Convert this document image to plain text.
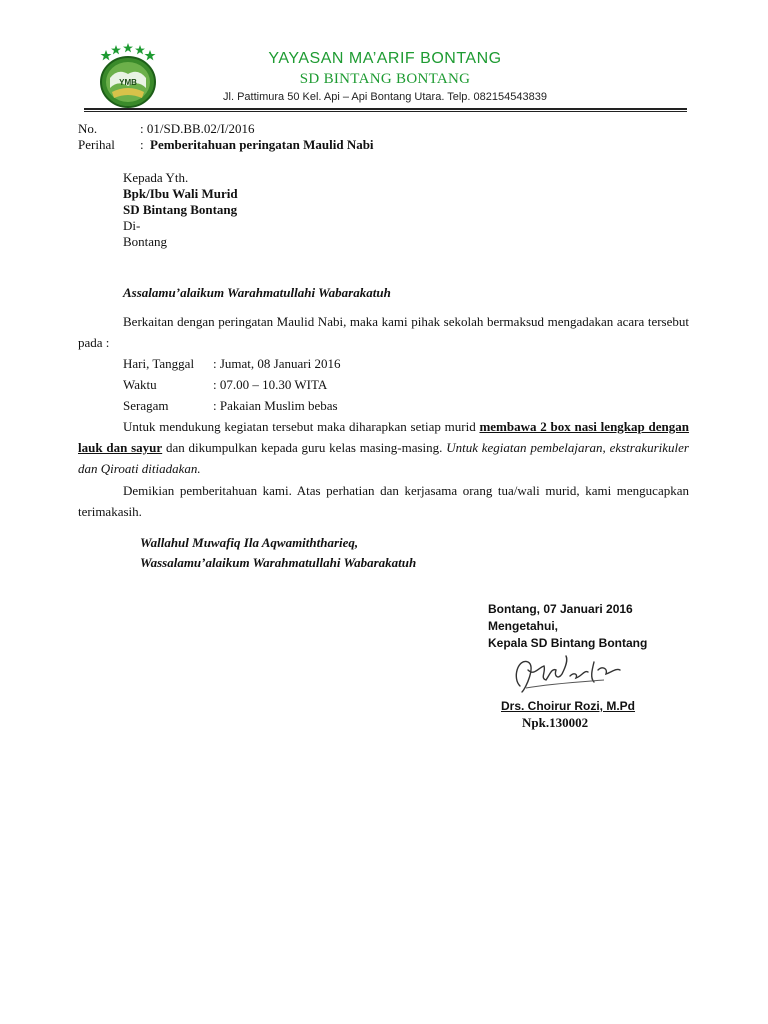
YMB
YAYASAN MA’ARIF BONTANG
SD BINTANG BONTANG
Jl. Pattimura 50 Kel. Api – Api Bontang Utara. Telp. 082154543839
No.	: 01/SD.BB.02/I/2016
Perihal : Pemberitahuan peringatan Maulid Nabi
Kepada Yth.
Bpk/Ibu Wali Murid
SD Bintang Bontang
Di-
Bontang
Assalamu’alaikum Warahmatullahi Wabarakatuh
Berkaitan dengan peringatan Maulid Nabi, maka kami pihak sekolah bermaksud mengadakan acara tersebut pada :
Hari, Tanggal : Jumat, 08 Januari 2016
Waktu	: 07.00 – 10.30 WITA
Seragam	: Pakaian Muslim bebas
Untuk mendukung kegiatan tersebut maka diharapkan setiap murid membawa 2 box nasi lengkap dengan lauk dan sayur dan dikumpulkan kepada guru kelas masing-masing. Untuk kegiatan pembelajaran, ekstrakurikuler dan Qiroati ditiadakan.
Demikian pemberitahuan kami. Atas perhatian dan kerjasama orang tua/wali murid, kami mengucapkan terimakasih.
Wallahul Muwafiq Ila Aqwamiththarieq,
Wassalamu’alaikum Warahmatullahi Wabarakatuh
Bontang, 07 Januari 2016
Mengetahui,
Kepala SD Bintang Bontang
Drs. Choirur Rozi, M.Pd
Npk.130002
